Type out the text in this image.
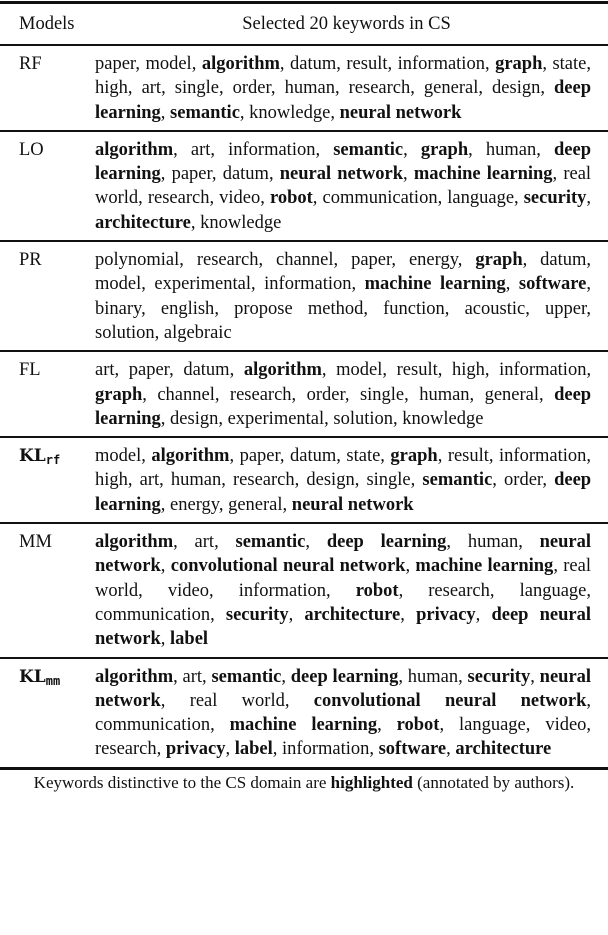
Models	Selected 20 keywords in CS
RF	paper, model, algorithm, datum, result, information, graph, state, high, art, single, order, human, research, general, design, deep learning, semantic, knowledge, neural network
LO	algorithm, art, information, semantic, graph, human, deep learning, paper, datum, neural network, machine learning, real world, research, video, robot, communication, language, security, architecture, knowledge
PR	polynomial, research, channel, paper, energy, graph, datum, model, experimental, information, machine learning, software, binary, english, propose method, function, acoustic, upper, solution, algebraic
FL	art, paper, datum, algorithm, model, result, high, information, graph, channel, research, order, single, human, general, deep learning, design, experimental, solution, knowledge
$KL_{rf}$	model, algorithm, paper, datum, state, graph, result, information, high, art, human, research, design, single, semantic, order, deep learning, energy, general, neural network
MM	algorithm, art, semantic, deep learning, human, neural network, convolutional neural network, machine learning, real world, video, information, robot, research, language, communication, security, architecture, privacy, deep neural network, label
$KL_{mm}$	algorithm, art, semantic, deep learning, human, security, neural network, real world, convolutional neural network, communication, machine learning, robot, language, video, research, privacy, label, information, software, architecture
Keywords distinctive to the CS domain are highlighted (annotated by authors).
